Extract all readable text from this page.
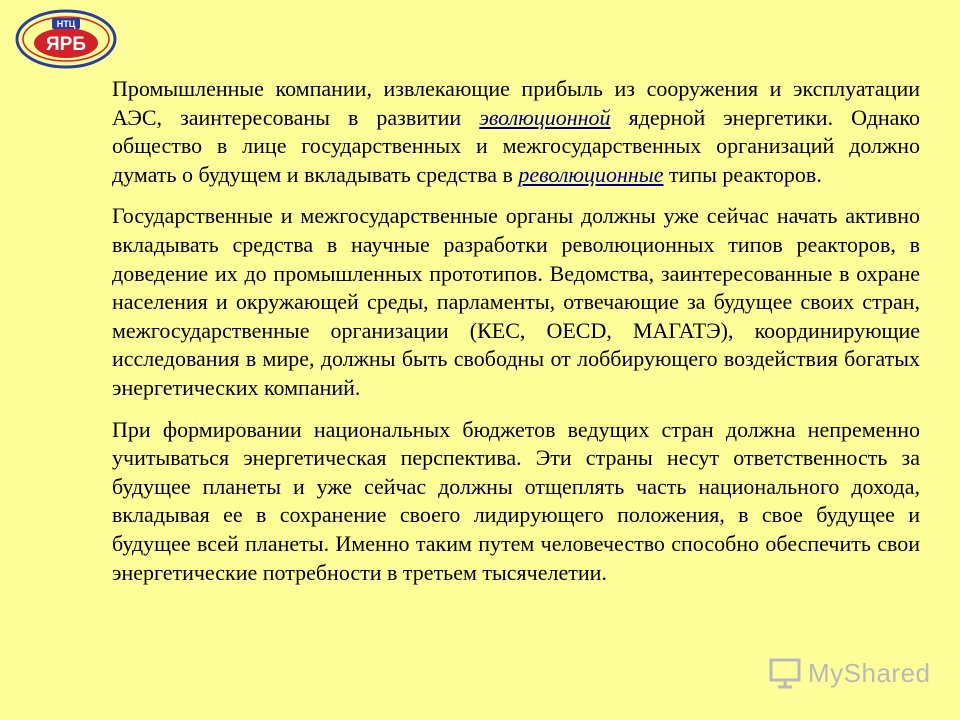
НТЦ
ЯРБ

Промышленные компании, извлекающие прибыль из сооружения и эксплуатации АЭС, заинтересованы в развитии эволюционной ядерной энергетики. Однако общество в лице государственных и межгосударственных организаций должно думать о будущем и вкладывать средства в революционные типы реакторов.

Государственные и межгосударственные органы должны уже сейчас начать активно вкладывать средства в научные разработки революционных типов реакторов, в доведение их до промышленных прототипов. Ведомства, заинтересованные в охране населения и окружающей среды, парламенты, отвечающие за будущее своих стран, межгосударственные организации (КЕС, OECD, МАГАТЭ), координирующие исследования в мире, должны быть свободны от лоббирующего воздействия богатых энергетических компаний.

При формировании национальных бюджетов ведущих стран должна непременно учитываться энергетическая перспектива. Эти страны несут ответственность за будущее планеты и уже сейчас должны отщеплять часть национального дохода, вкладывая ее в сохранение своего лидирующего положения, в свое будущее и будущее всей планеты. Именно таким путем человечество способно обеспечить свои энергетические потребности в третьем тысячелетии.

MyShared
